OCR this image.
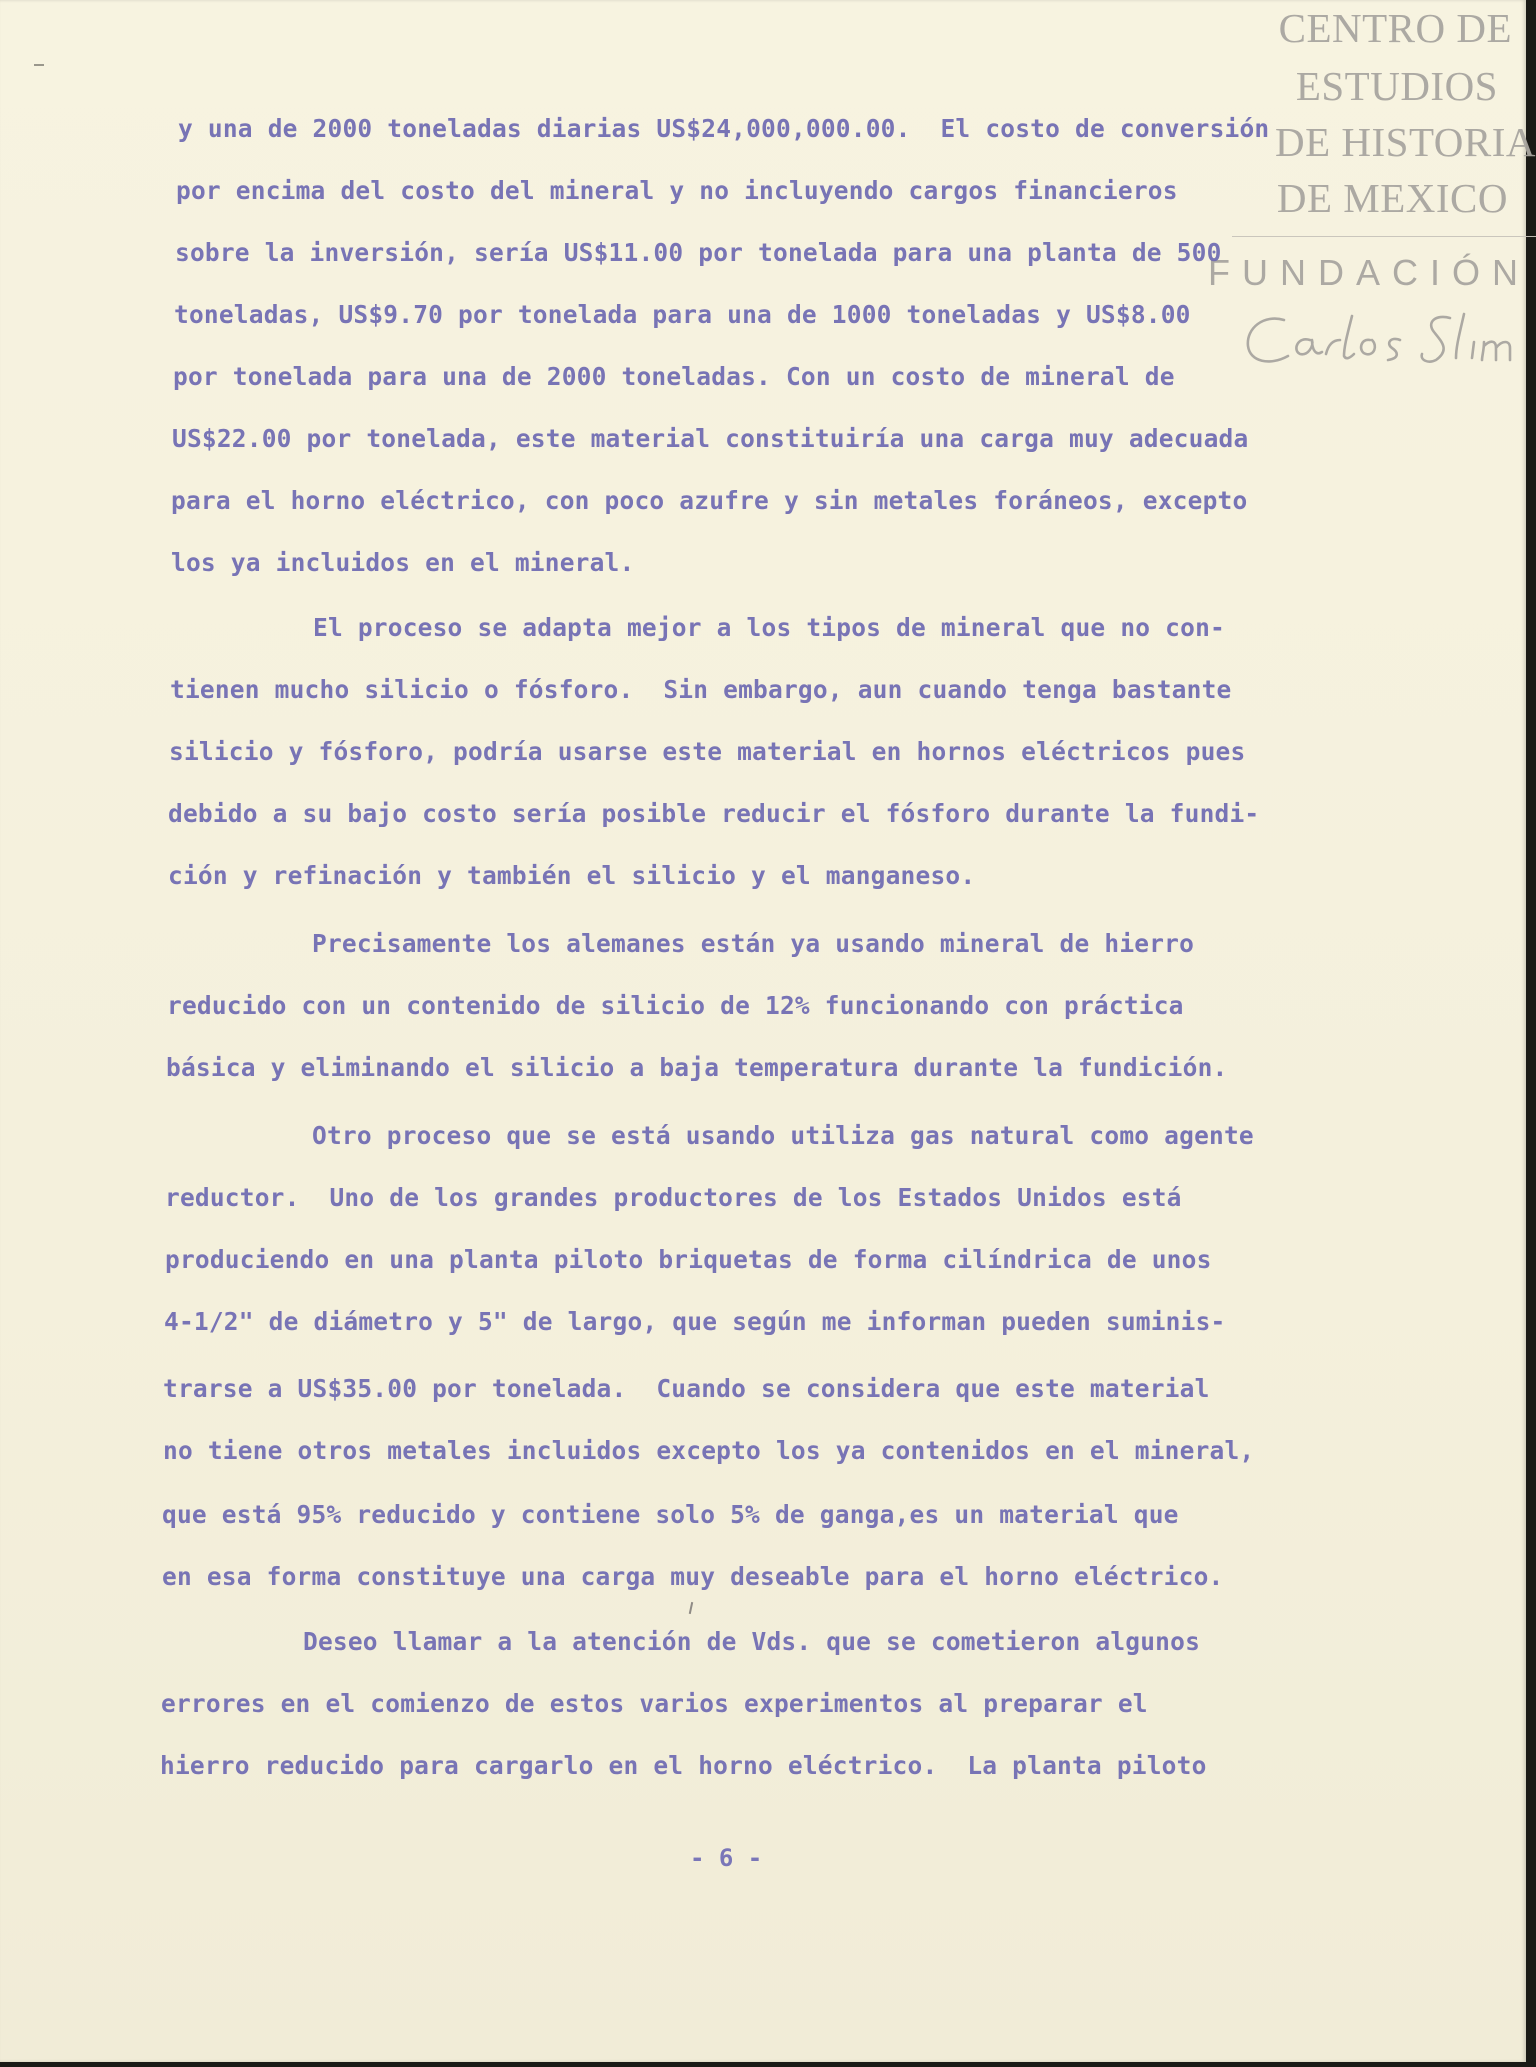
CENTRO DE
ESTUDIOS
DE HISTORIA
DE MEXICO
FUNDACIÓN
y una de 2000 toneladas diarias US$24,000,000.00.  El costo de conversión
por encima del costo del mineral y no incluyendo cargos financieros
sobre la inversión, sería US$11.00 por tonelada para una planta de 500
toneladas, US$9.70 por tonelada para una de 1000 toneladas y US$8.00
por tonelada para una de 2000 toneladas. Con un costo de mineral de
US$22.00 por tonelada, este material constituiría una carga muy adecuada
para el horno eléctrico, con poco azufre y sin metales foráneos, excepto
los ya incluidos en el mineral.
El proceso se adapta mejor a los tipos de mineral que no con-
tienen mucho silicio o fósforo.  Sin embargo, aun cuando tenga bastante
silicio y fósforo, podría usarse este material en hornos eléctricos pues
debido a su bajo costo sería posible reducir el fósforo durante la fundi-
ción y refinación y también el silicio y el manganeso.
Precisamente los alemanes están ya usando mineral de hierro
reducido con un contenido de silicio de 12% funcionando con práctica
básica y eliminando el silicio a baja temperatura durante la fundición.
Otro proceso que se está usando utiliza gas natural como agente
reductor.  Uno de los grandes productores de los Estados Unidos está
produciendo en una planta piloto briquetas de forma cilíndrica de unos
4-1/2" de diámetro y 5" de largo, que según me informan pueden suminis-
trarse a US$35.00 por tonelada.  Cuando se considera que este material
no tiene otros metales incluidos excepto los ya contenidos en el mineral,
que está 95% reducido y contiene solo 5% de ganga,es un material que
en esa forma constituye una carga muy deseable para el horno eléctrico.
Deseo llamar a la atención de Vds. que se cometieron algunos
errores en el comienzo de estos varios experimentos al preparar el
hierro reducido para cargarlo en el horno eléctrico.  La planta piloto
- 6 -
